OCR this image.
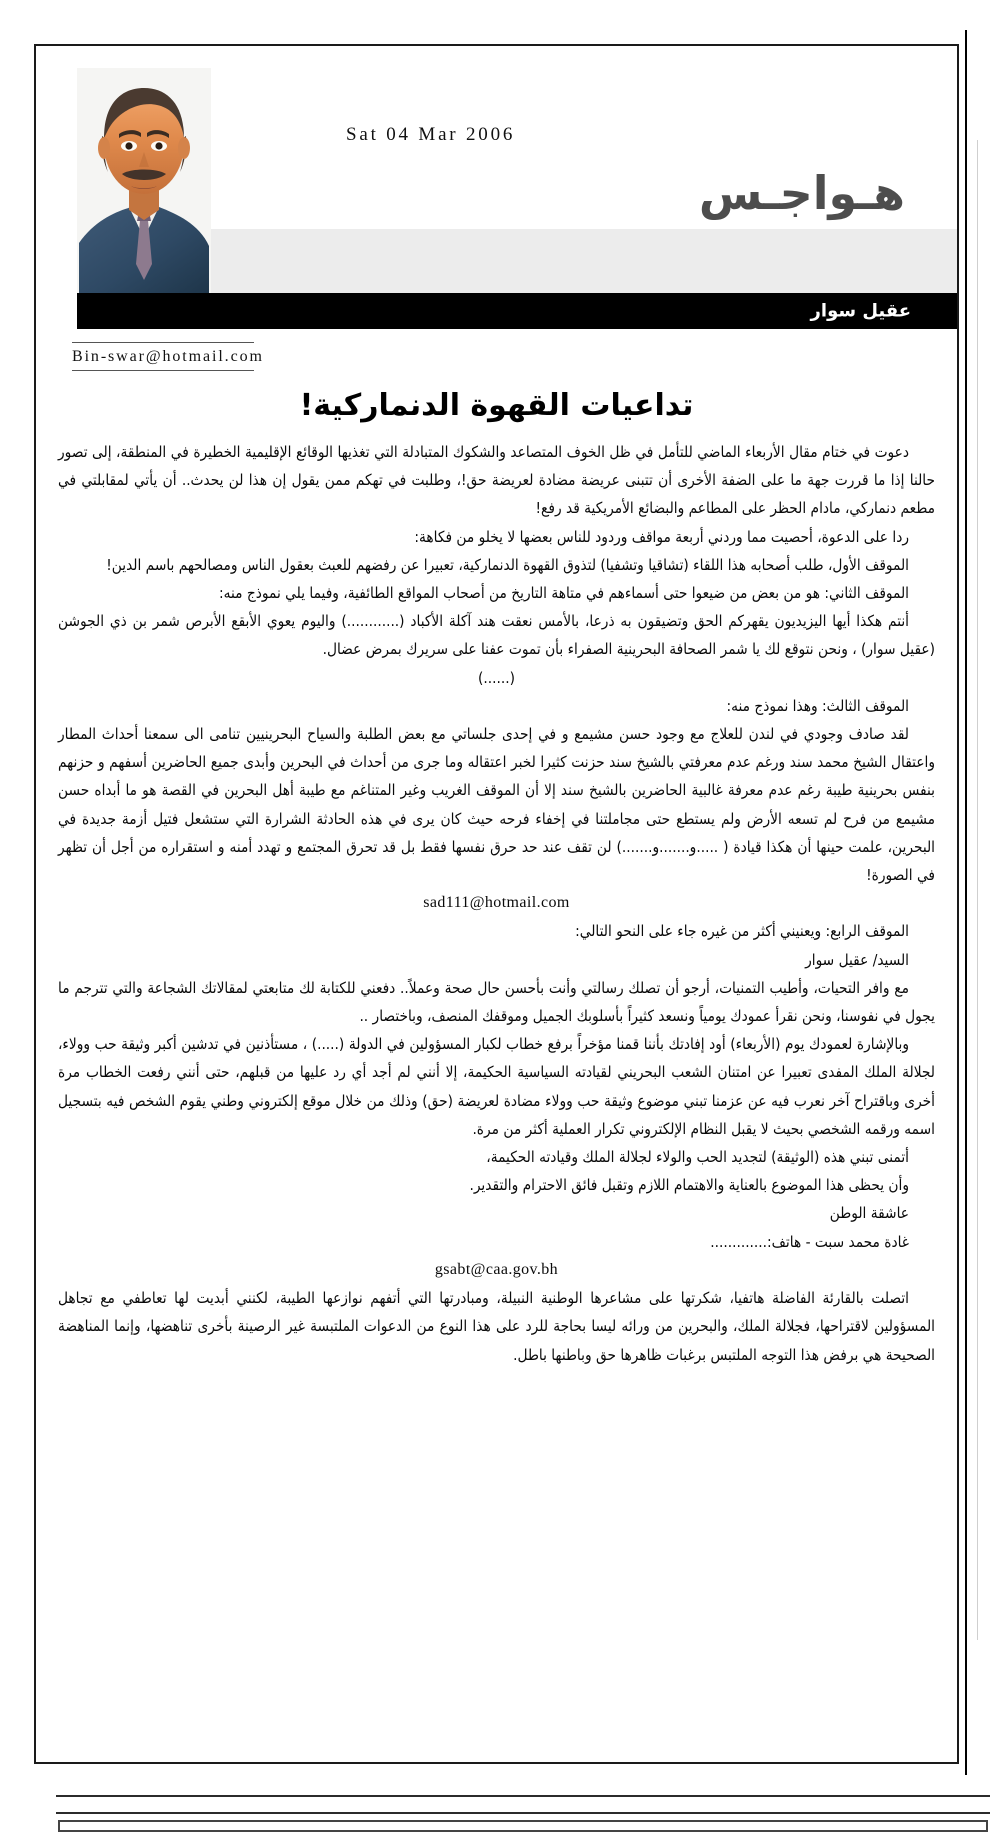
Sat 04 Mar 2006
هـواجـس
عقيل سوار
Bin-swar@hotmail.com
تداعيات القهوة الدنماركية!

دعوت في ختام مقال الأربعاء الماضي للتأمل في ظل الخوف المتصاعد والشكوك المتبادلة التي تغذيها الوقائع الإقليمية الخطيرة في المنطقة، إلى تصور حالنا إذا ما قررت جهة ما على الضفة الأخرى أن تتبنى عريضة مضادة لعريضة حق!، وطلبت في تهكم ممن يقول إن هذا لن يحدث.. أن يأتي لمقابلتي في مطعم دنماركي، مادام الحظر على المطاعم والبضائع الأمريكية قد رفع!

ردا على الدعوة، أحصيت مما وردني أربعة مواقف وردود للناس بعضها لا يخلو من فكاهة:

الموقف الأول، طلب أصحابه هذا اللقاء (تشاقيا وتشفيا) لتذوق القهوة الدنماركية، تعبيرا عن رفضهم للعبث بعقول الناس ومصالحهم باسم الدين!

الموقف الثاني: هو من بعض من ضيعوا حتى أسماءهم في متاهة التاريخ من أصحاب المواقع الطائفية، وفيما يلي نموذج منه:

أنتم هكذا أيها اليزيديون يقهركم الحق وتضيقون به ذرعا، بالأمس نعقت هند آكلة الأكباد (............) واليوم يعوي الأبقع الأبرص شمر بن ذي الجوشن (عقيل سوار) ، ونحن نتوقع لك يا شمر الصحافة البحرينية الصفراء بأن تموت عفنا على سريرك بمرض عضال.

(......)

الموقف الثالث: وهذا نموذج منه:

لقد صادف وجودي في لندن للعلاج مع وجود حسن مشيمع و في إحدى جلساتي مع بعض الطلبة والسياح البحرينيين تنامى الى سمعنا أحداث المطار واعتقال الشيخ محمد سند ورغم عدم معرفتي بالشيخ سند حزنت كثيرا لخبر اعتقاله وما جرى من أحداث في البحرين وأبدى جميع الحاضرين أسفهم و حزنهم بنفس بحرينية طيبة رغم عدم معرفة غالبية الحاضرين بالشيخ سند إلا أن الموقف الغريب وغير المتناغم مع طيبة أهل البحرين في القصة هو ما أبداه حسن مشيمع من فرح لم تسعه الأرض ولم يستطع حتى مجاملتنا في إخفاء فرحه حيث كان يرى في هذه الحادثة الشرارة التي ستشعل فتيل أزمة جديدة في البحرين، علمت حينها أن هكذا قيادة ( .....و.......و.......) لن تقف عند حد حرق نفسها فقط بل قد تحرق المجتمع و تهدد أمنه و استقراره من أجل أن تظهر في الصورة!

sad111@hotmail.com

الموقف الرابع: ويعنيني أكثر من غيره جاء على النحو التالي:

السيد/ عقيل سوار

مع وافر التحيات، وأطيب التمنيات، أرجو أن تصلك رسالتي وأنت بأحسن حال صحة وعملاً.. دفعني للكتابة لك متابعتي لمقالاتك الشجاعة والتي تترجم ما يجول في نفوسنا، ونحن نقرأ عمودك يومياً ونسعد كثيراً بأسلوبك الجميل وموقفك المنصف، وباختصار ..

وبالإشارة لعمودك يوم (الأربعاء) أود إفادتك بأننا قمنا مؤخراً برفع خطاب لكبار المسؤولين في الدولة (.....) ، مستأذنين في تدشين أكبر وثيقة حب وولاء، لجلالة الملك المفدى تعبيرا عن امتنان الشعب البحريني لقيادته السياسية الحكيمة، إلا أنني لم أجد أي رد عليها من قبلهم، حتى أنني رفعت الخطاب مرة أخرى وباقتراح آخر نعرب فيه عن عزمنا تبني موضوع وثيقة حب وولاء مضادة لعريضة (حق) وذلك من خلال موقع إلكتروني وطني يقوم الشخص فيه بتسجيل اسمه ورقمه الشخصي بحيث لا يقبل النظام الإلكتروني تكرار العملية أكثر من مرة.

أتمنى تبني هذه (الوثيقة) لتجديد الحب والولاء لجلالة الملك وقيادته الحكيمة،

وأن يحظى هذا الموضوع بالعناية والاهتمام اللازم وتقبل فائق الاحترام والتقدير.

عاشقة الوطن

غادة محمد سبت - هاتف:.............

gsabt@caa.gov.bh

اتصلت بالقارئة الفاضلة هاتفيا، شكرتها على مشاعرها الوطنية النبيلة، ومبادرتها التي أتفهم نوازعها الطيبة، لكنني أبديت لها تعاطفي مع تجاهل المسؤولين لاقتراحها، فجلالة الملك، والبحرين من ورائه ليسا بحاجة للرد على هذا النوع من الدعوات الملتبسة غير الرصينة بأخرى تناهضها، وإنما المناهضة الصحيحة هي برفض هذا التوجه الملتبس برغبات ظاهرها حق وباطنها باطل.
